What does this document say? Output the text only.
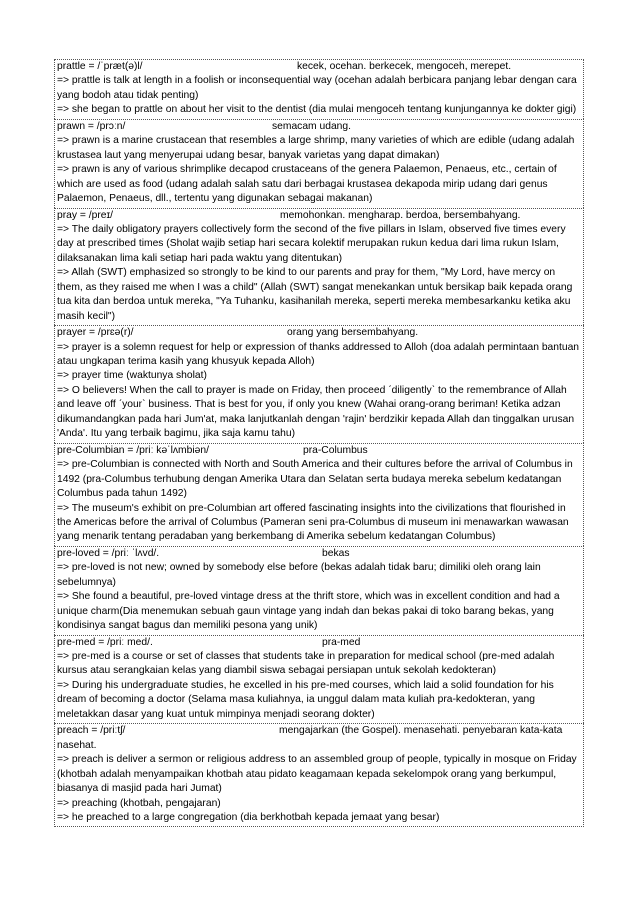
prattle = /ˈpræt(ə)l/	kecek, ocehan. berkecek, mengoceh, merepet.

=> prattle is talk at length in a foolish or inconsequential way (ocehan adalah berbicara panjang lebar dengan cara yang bodoh atau tidak penting)

=> she began to prattle on about her visit to the dentist (dia mulai mengoceh tentang kunjungannya ke dokter gigi)

prawn = /prɔːn/	semacam udang.

=> prawn is a marine crustacean that resembles a large shrimp, many varieties of which are edible (udang adalah krustasea laut yang menyerupai udang besar, banyak varietas yang dapat dimakan)

=> prawn is any of various shrimplike decapod crustaceans of the genera Palaemon, Penaeus, etc., certain of which are used as food (udang adalah salah satu dari berbagai krustasea dekapoda mirip udang dari genus Palaemon, Penaeus, dll., tertentu yang digunakan sebagai makanan)

pray = /preɪ/	memohonkan. mengharap. berdoa, bersembahyang.

=> The daily obligatory prayers collectively form the second of the five pillars in Islam, observed five times every day at prescribed times (Sholat wajib setiap hari secara kolektif merupakan rukun kedua dari lima rukun Islam, dilaksanakan lima kali setiap hari pada waktu yang ditentukan)

=> Allah (SWT) emphasized so strongly to be kind to our parents and pray for them, "My Lord, have mercy on them, as they raised me when I was a child" (Allah (SWT) sangat menekankan untuk bersikap baik kepada orang tua kita dan berdoa untuk mereka, "Ya Tuhanku, kasihanilah mereka, seperti mereka membesarkanku ketika aku masih kecil")

prayer = /prɛə(r)/	orang yang bersembahyang.

=> prayer is a solemn request for help or expression of thanks addressed to Alloh (doa adalah permintaan bantuan atau ungkapan terima kasih yang khusyuk kepada Alloh)

=> prayer time (waktunya sholat)

=> O believers! When the call to prayer is made on Friday, then proceed ˊdiligentlyˋ to the remembrance of Allah and leave off ˊyourˋ business. That is best for you, if only you knew (Wahai orang-orang beriman! Ketika adzan dikumandangkan pada hari Jum'at, maka lanjutkanlah dengan 'rajin' berdzikir kepada Allah dan tinggalkan urusan 'Anda'. Itu yang terbaik bagimu, jika saja kamu tahu)

pre-Columbian = /priː kəˈlʌmbiən/	pra-Columbus

=> pre-Columbian is connected with North and South America and their cultures before the arrival of Columbus in 1492 (pra-Columbus terhubung dengan Amerika Utara dan Selatan serta budaya mereka sebelum kedatangan Columbus pada tahun 1492)

=> The museum's exhibit on pre-Columbian art offered fascinating insights into the civilizations that flourished in the Americas before the arrival of Columbus (Pameran seni pra-Columbus di museum ini menawarkan wawasan yang menarik tentang peradaban yang berkembang di Amerika sebelum kedatangan Columbus)

pre-loved = /priː ˈlʌvd/.	bekas

=> pre-loved is not new; owned by somebody else before (bekas adalah tidak baru; dimiliki oleh orang lain sebelumnya)

=> She found a beautiful, pre-loved vintage dress at the thrift store, which was in excellent condition and had a unique charm(Dia menemukan sebuah gaun vintage yang indah dan bekas pakai di toko barang bekas, yang kondisinya sangat bagus dan memiliki pesona yang unik)

pre-med = /priː med/.	pra-med

=> pre-med is a course or set of classes that students take in preparation for medical school (pre-med adalah kursus atau serangkaian kelas yang diambil siswa sebagai persiapan untuk sekolah kedokteran)

=> During his undergraduate studies, he excelled in his pre-med courses, which laid a solid foundation for his dream of becoming a doctor (Selama masa kuliahnya, ia unggul dalam mata kuliah pra-kedokteran, yang meletakkan dasar yang kuat untuk mimpinya menjadi seorang dokter)

preach = /priːtʃ/	mengajarkan (the Gospel). menasehati. penyebaran kata-kata nasehat.

=> preach is deliver a sermon or religious address to an assembled group of people, typically in mosque on Friday (khotbah adalah menyampaikan khotbah atau pidato keagamaan kepada sekelompok orang yang berkumpul, biasanya di masjid pada hari Jumat)

=> preaching (khotbah, pengajaran)

=> he preached to a large congregation (dia berkhotbah kepada jemaat yang besar)
